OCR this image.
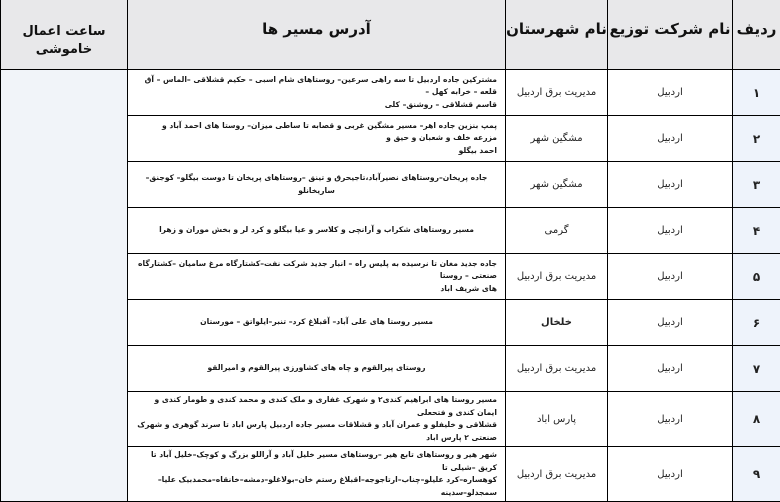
ردیف	نام شرکت توزیع	نام شهرستان	آدرس مسیر ها	ساعت اعمال خاموشی
۱	اردبیل	مدیریت برق اردبیل	مشترکین جاده اردبیل تا سه راهی سرعین– روستاهای شام اسبی – حکیم قشلاقی –الماس – آق قلعه – خرابه کهل –
قاسم قشلاقی – روشنق– کلی	
۲	اردبیل	مشگین شهر	پمپ بنزین جاده اهر– مسیر مشگین غربی و قصابه تا ساطی میزان– روستا های احمد آباد و مزرعه خلف و شعبان و حیق و
احمد بیگلو	
۳	اردبیل	مشگین شهر	جاده پریخان–روستاهای نصیرآباد،تاجیحرق و تینق –روستاهای پریخان تا دوست بیگلو– کوجنق– ساریخانلو	
۴	اردبیل	گرمی	مسیر روستاهای شکراب و آرانچی و کلاسر و عیا بیگلو و کرد لر و بخش موران و زهرا	
۵	اردبیل	مدیریت برق اردبیل	جاده جدید مغان تا نرسیده به پلیس راه – انبار جدید شرکت نفت–کشتارگاه مرغ سامیان –کشتارگاه صنعتی – روستا
های شریف اباد	
۶	اردبیل	خلخال	مسیر روستا های علی آباد– آقبلاغ کرد– تنبر–ایلواتق – مورستان	
۷	اردبیل	مدیریت برق اردبیل	روستای پیرالقوم و چاه های کشاورزی پیرالقوم و امیرالقو	
۸	اردبیل	پارس اباد	مسیر روستا های ابراهیم کندی۲ و شهرک غفاری و ملک کندی و محمد کندی و طومار کندی و ایمان کندی و فتحعلی
قشلاقی و خلیفلو و عمران آباد و قشلاقات مسیر جاده اردبیل پارس اباد تا سرند گوهری و شهرک صنعتی ۲ پارس اباد	
۹	اردبیل	مدیریت برق اردبیل	شهر هیر و روستاهای تابع هیر –روستاهای مسیر خلیل آباد و آراللو بزرگ و کوچک–خلیل آباد تا کریق –شیلی تا
کوهساره–کرد علیلو–چناب–ارتاجوجه–اقبلاغ رستم خان–بولاغلو–دمشه–خانقاه–محمدبیک علیا–سمجدلو–سدینه	
